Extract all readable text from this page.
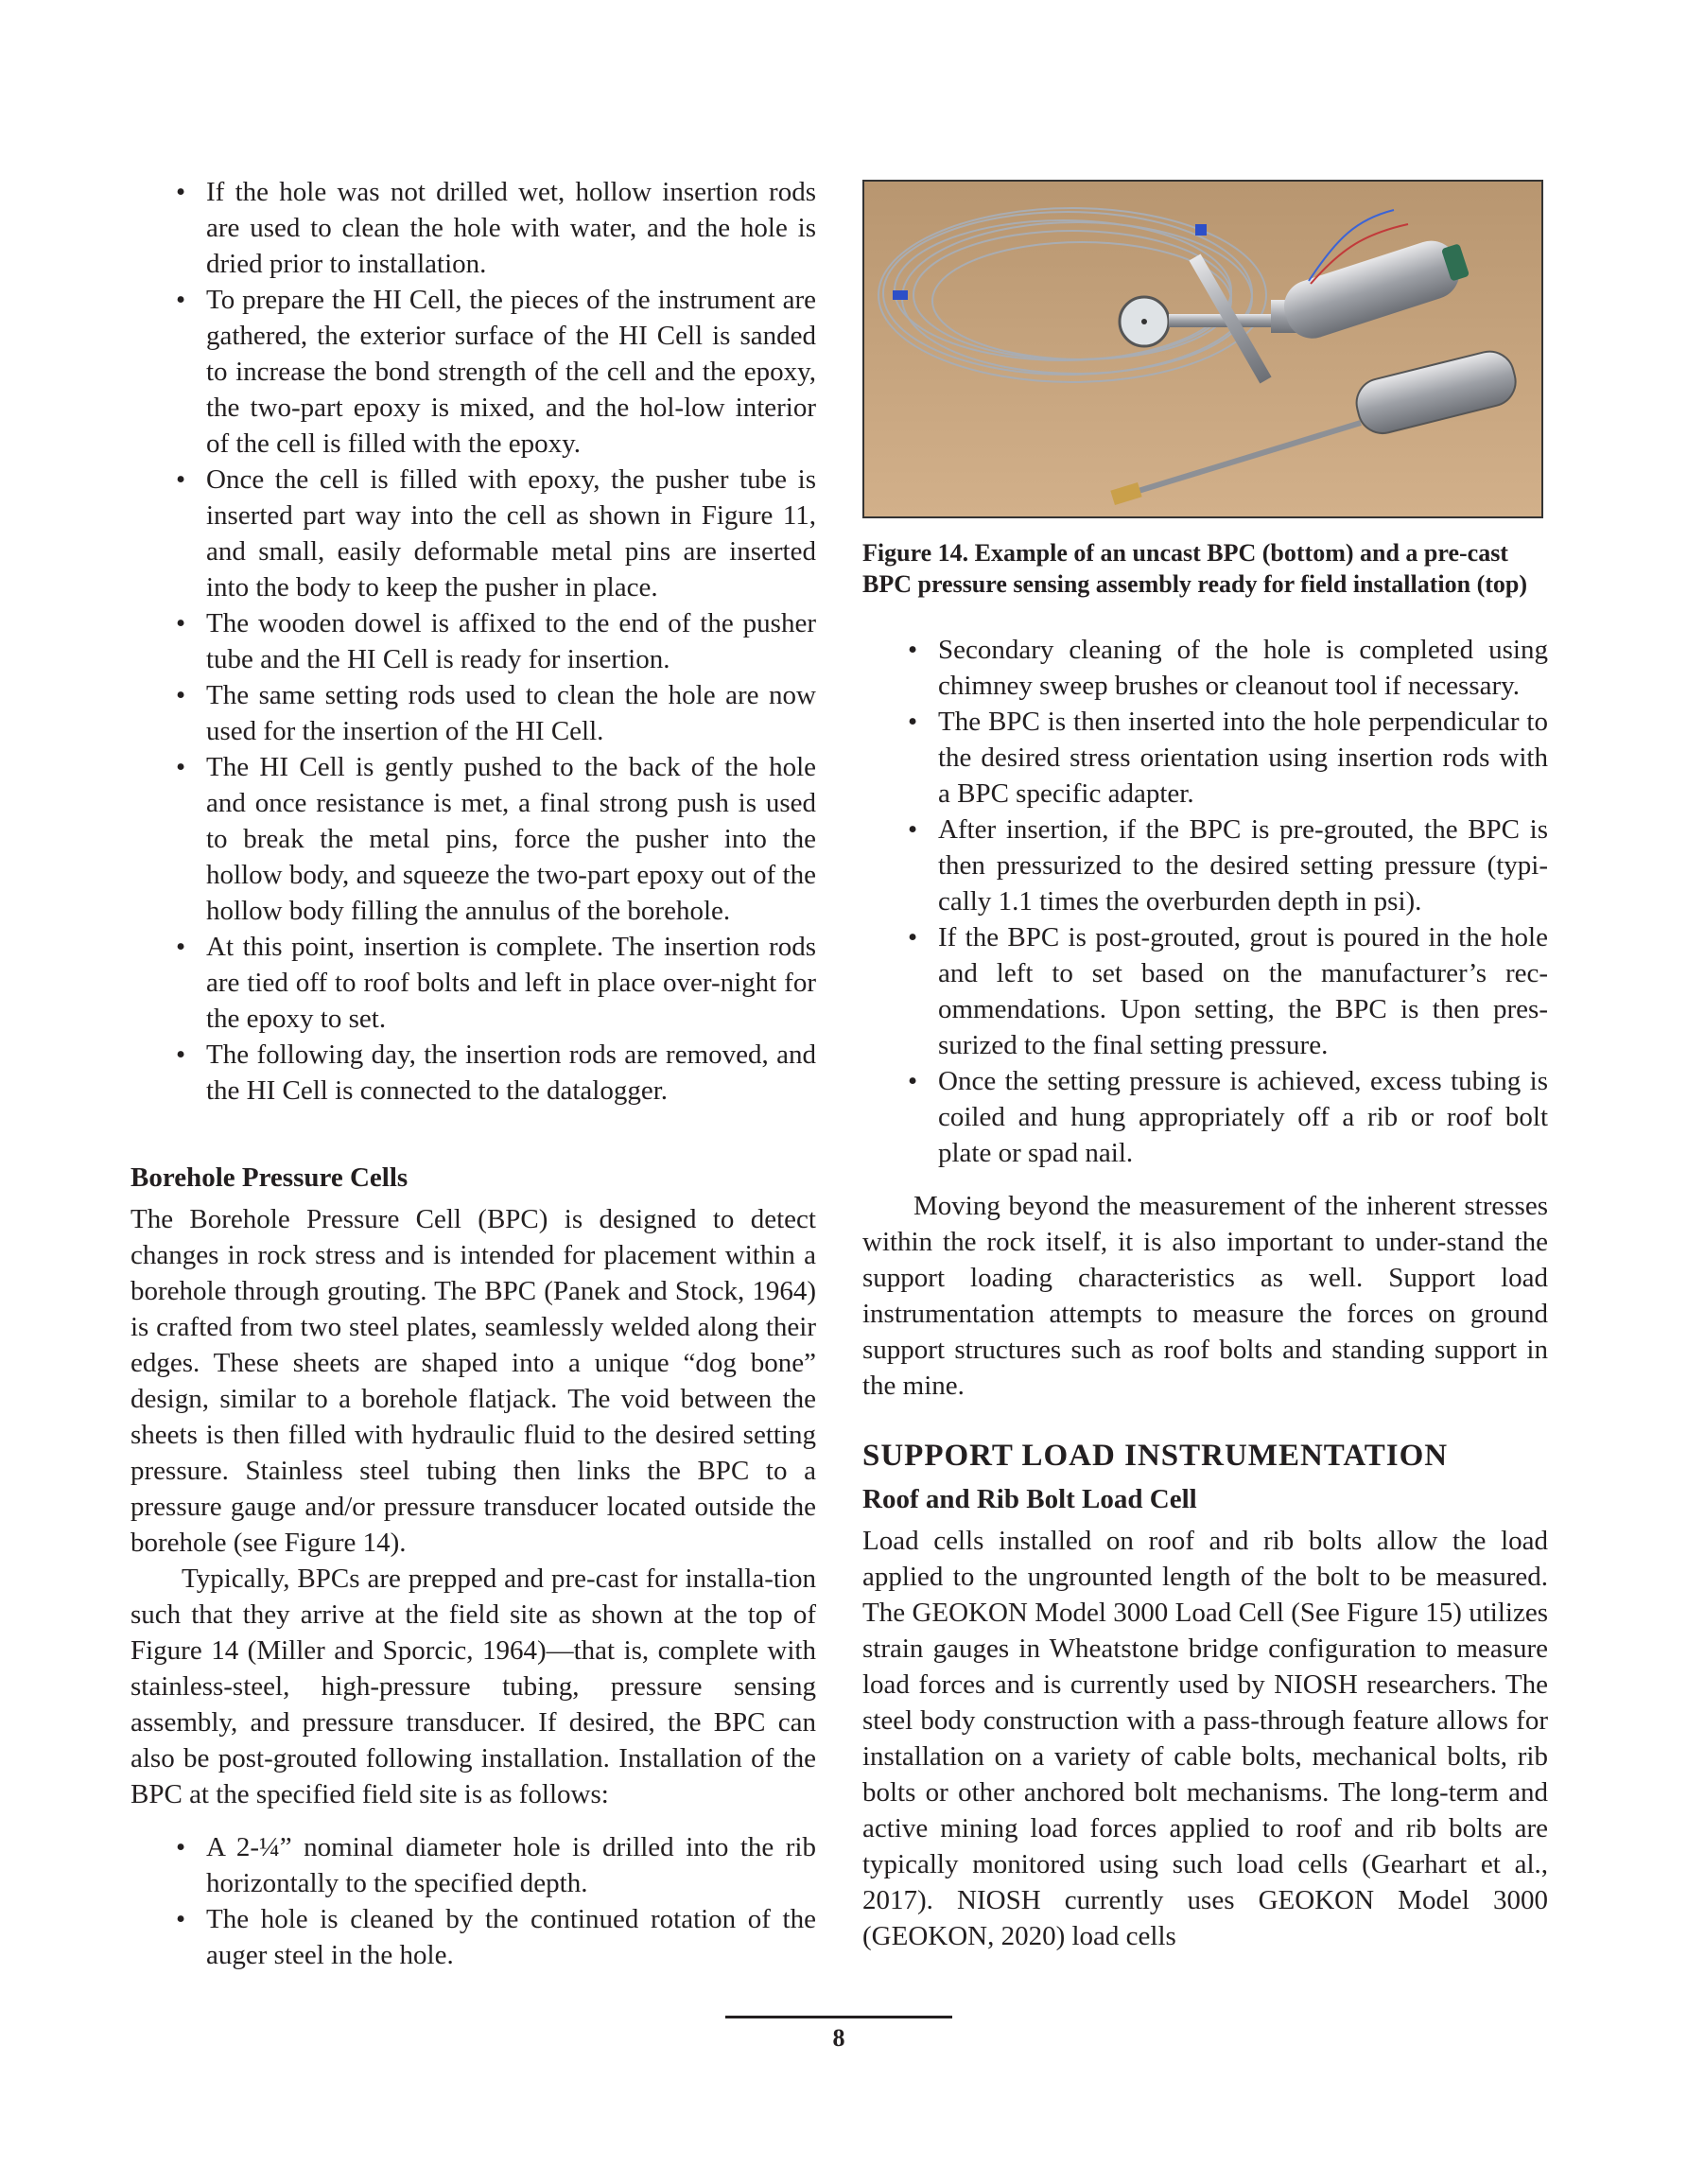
• If the hole was not drilled wet, hollow insertion rods are used to clean the hole with water, and the hole is dried prior to installation.
• To prepare the HI Cell, the pieces of the instrument are gathered, the exterior surface of the HI Cell is sanded to increase the bond strength of the cell and the epoxy, the two-part epoxy is mixed, and the hol-low interior of the cell is filled with the epoxy.
• Once the cell is filled with epoxy, the pusher tube is inserted part way into the cell as shown in Figure 11, and small, easily deformable metal pins are inserted into the body to keep the pusher in place.
• The wooden dowel is affixed to the end of the pusher tube and the HI Cell is ready for insertion.
• The same setting rods used to clean the hole are now used for the insertion of the HI Cell.
• The HI Cell is gently pushed to the back of the hole and once resistance is met, a final strong push is used to break the metal pins, force the pusher into the hollow body, and squeeze the two-part epoxy out of the hollow body filling the annulus of the borehole.
• At this point, insertion is complete. The insertion rods are tied off to roof bolts and left in place over-night for the epoxy to set.
• The following day, the insertion rods are removed, and the HI Cell is connected to the datalogger.
Borehole Pressure Cells

The Borehole Pressure Cell (BPC) is designed to detect changes in rock stress and is intended for placement within a borehole through grouting. The BPC (Panek and Stock, 1964) is crafted from two steel plates, seamlessly welded along their edges. These sheets are shaped into a unique “dog bone” design, similar to a borehole flatjack. The void between the sheets is then filled with hydraulic fluid to the desired setting pressure. Stainless steel tubing then links the BPC to a pressure gauge and/or pressure transducer located outside the borehole (see Figure 14).

Typically, BPCs are prepped and pre-cast for installa-tion such that they arrive at the field site as shown at the top of Figure 14 (Miller and Sporcic, 1964)—that is, complete with stainless-steel, high-pressure tubing, pressure sensing assembly, and pressure transducer. If desired, the BPC can also be post-grouted following installation. Installation of the BPC at the specified field site is as follows:

• A 2-¼” nominal diameter hole is drilled into the rib horizontally to the specified depth.
• The hole is cleaned by the continued rotation of the auger steel in the hole.

Figure 14. Example of an uncast BPC (bottom) and a pre-cast BPC pressure sensing assembly ready for field installation (top)

• Secondary cleaning of the hole is completed using chimney sweep brushes or cleanout tool if necessary.
• The BPC is then inserted into the hole perpendicular to the desired stress orientation using insertion rods with a BPC specific adapter.
• After insertion, if the BPC is pre-grouted, the BPC is then pressurized to the desired setting pressure (typi-cally 1.1 times the overburden depth in psi).
• If the BPC is post-grouted, grout is poured in the hole and left to set based on the manufacturer’s rec-ommendations. Upon setting, the BPC is then pres-surized to the final setting pressure.
• Once the setting pressure is achieved, excess tubing is coiled and hung appropriately off a rib or roof bolt plate or spad nail.

Moving beyond the measurement of the inherent stresses within the rock itself, it is also important to under-stand the support loading characteristics as well. Support load instrumentation attempts to measure the forces on ground support structures such as roof bolts and standing support in the mine.

SUPPORT LOAD INSTRUMENTATION
Roof and Rib Bolt Load Cell

Load cells installed on roof and rib bolts allow the load applied to the ungrounted length of the bolt to be measured. The GEOKON Model 3000 Load Cell (See Figure 15) utilizes strain gauges in Wheatstone bridge configuration to measure load forces and is currently used by NIOSH researchers. The steel body construction with a pass-through feature allows for installation on a variety of cable bolts, mechanical bolts, rib bolts or other anchored bolt mechanisms. The long-term and active mining load forces applied to roof and rib bolts are typically monitored using such load cells (Gearhart et al., 2017). NIOSH currently uses GEOKON Model 3000 (GEOKON, 2020) load cells

8
